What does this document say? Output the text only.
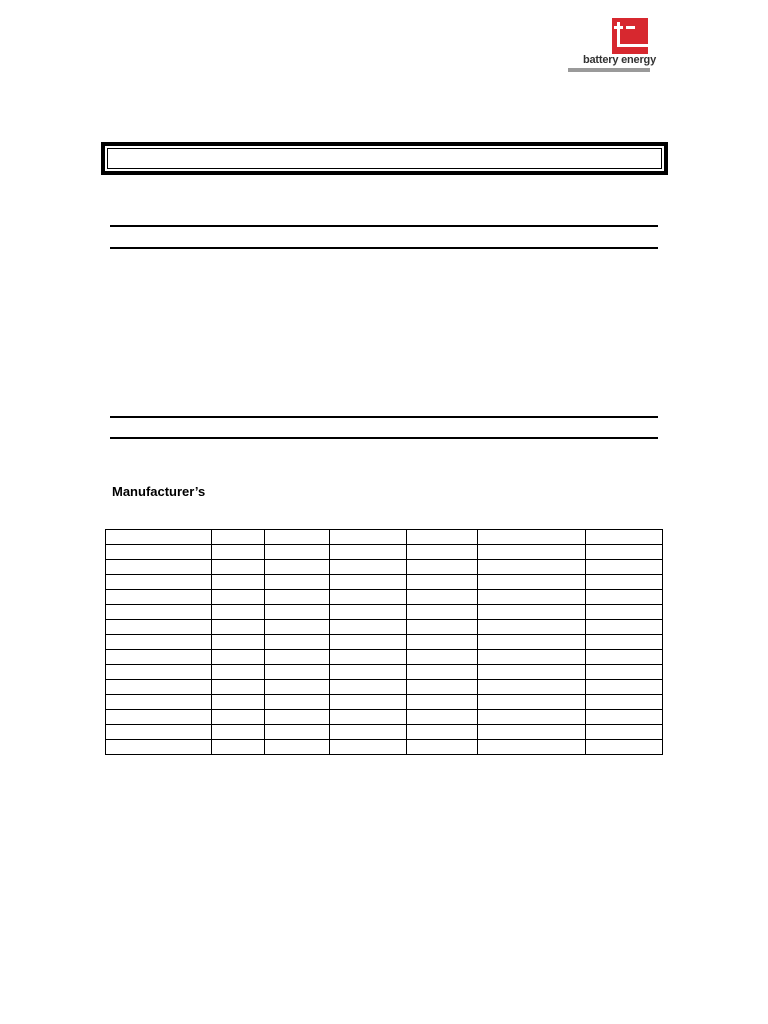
battery energy
Manufacturer’s
